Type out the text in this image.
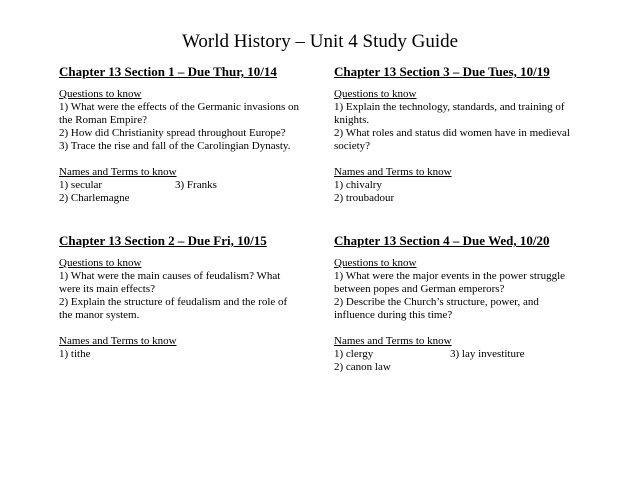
World History – Unit 4 Study Guide
Chapter 13 Section 1 – Due Thur, 10/14
Questions to know
1) What were the effects of the Germanic invasions on
the Roman Empire?
2) How did Christianity spread throughout Europe?
3) Trace the rise and fall of the Carolingian Dynasty.
Names and Terms to know
1) secular	3) Franks
2) Charlemagne
Chapter 13 Section 3 – Due Tues, 10/19
Questions to know
1) Explain the technology, standards, and training of
knights.
2) What roles and status did women have in medieval
society?
Names and Terms to know
1) chivalry
2) troubadour
Chapter 13 Section 2 – Due Fri, 10/15
Questions to know
1) What were the main causes of feudalism? What
were its main effects?
2) Explain the structure of feudalism and the role of
the manor system.
Names and Terms to know
1) tithe
Chapter 13 Section 4 – Due Wed, 10/20
Questions to know
1) What were the major events in the power struggle
between popes and German emperors?
2) Describe the Church’s structure, power, and
influence during this time?
Names and Terms to know
1) clergy	3) lay investiture
2) canon law
